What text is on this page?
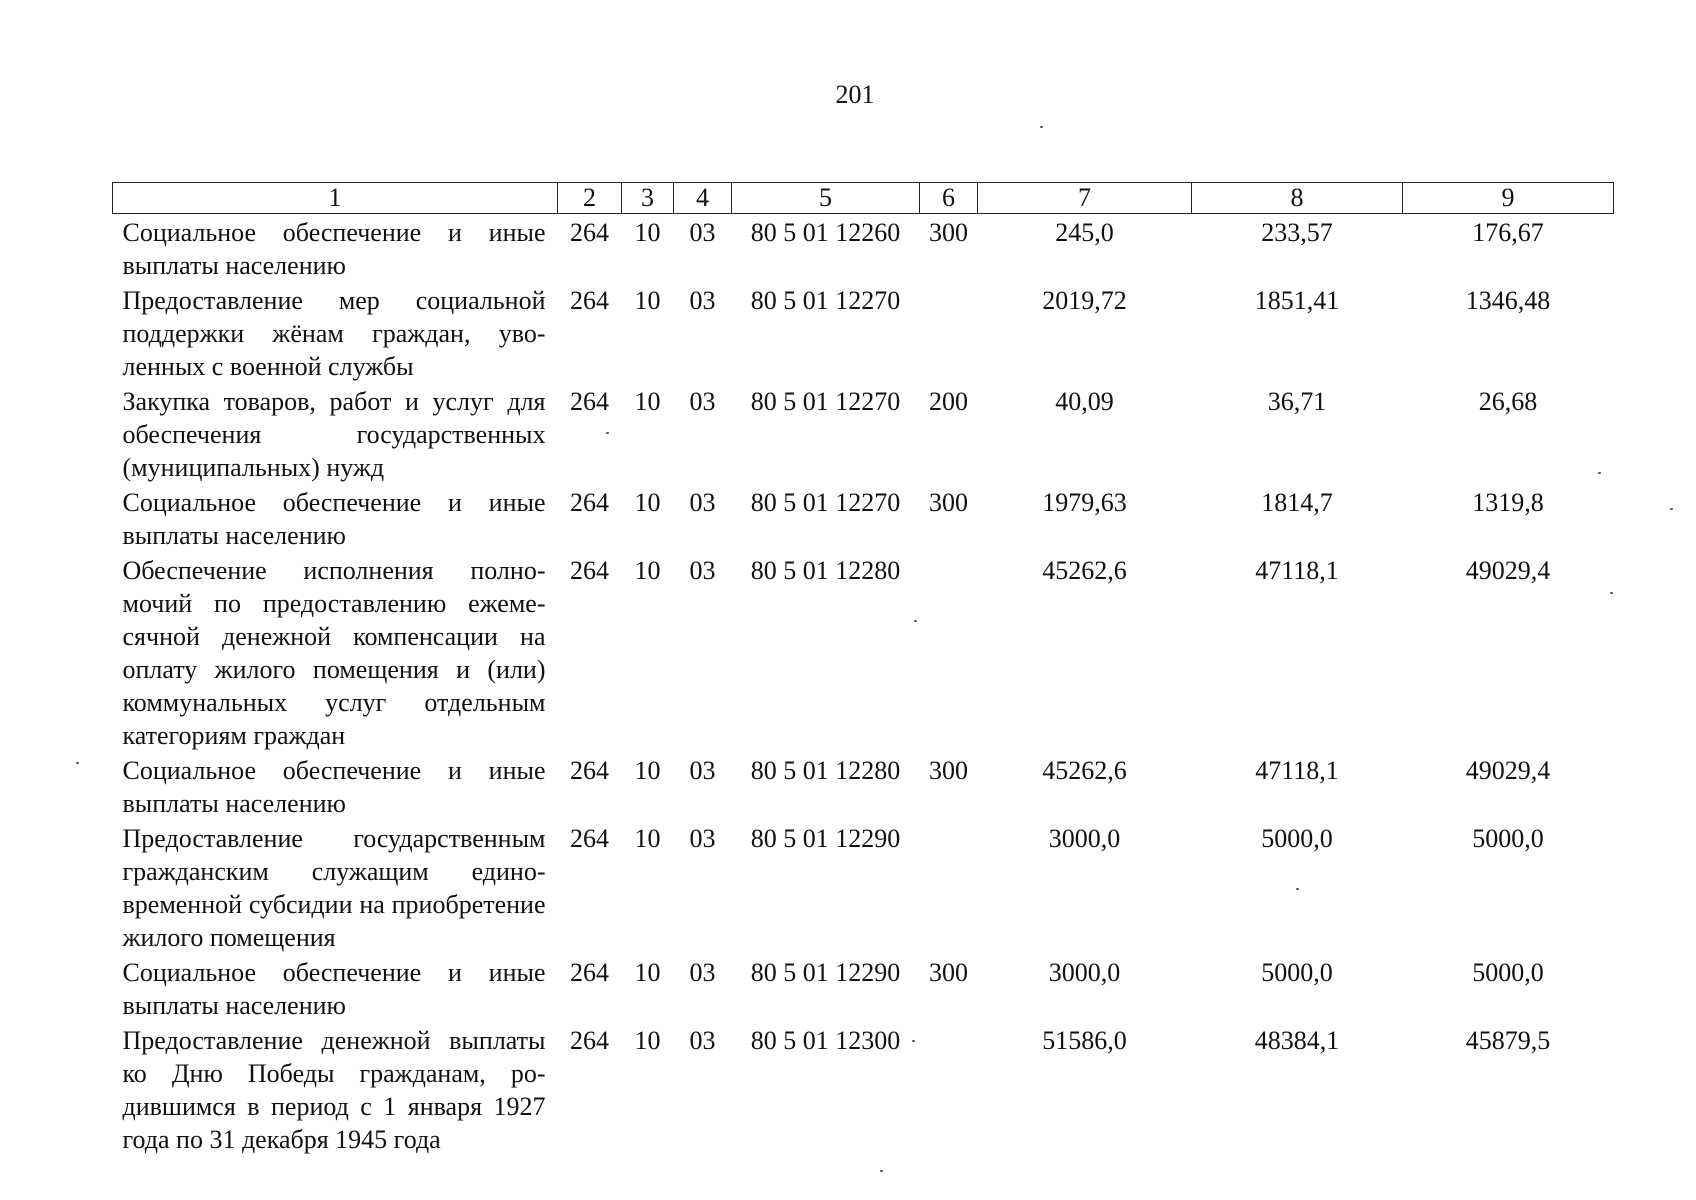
201
1	2	3	4	5	6	7	8	9
Социальное обеспечение и иные выплаты населению	264	10	03	80 5 01 12260	300	245,0	233,57	176,67
Предоставление мер социальной поддержки жёнам граждан, уволенных с военной службы	264	10	03	80 5 01 12270		2019,72	1851,41	1346,48
Закупка товаров, работ и услуг для обеспечения государственных (муниципальных) нужд	264	10	03	80 5 01 12270	200	40,09	36,71	26,68
Социальное обеспечение и иные выплаты населению	264	10	03	80 5 01 12270	300	1979,63	1814,7	1319,8
Обеспечение исполнения полномочий по предоставлению ежемесячной денежной компенсации на оплату жилого помещения и (или) коммунальных услуг отдельным категориям граждан	264	10	03	80 5 01 12280		45262,6	47118,1	49029,4
Социальное обеспечение и иные выплаты населению	264	10	03	80 5 01 12280	300	45262,6	47118,1	49029,4
Предоставление государственным гражданским служащим единовременной субсидии на приобретение жилого помещения	264	10	03	80 5 01 12290		3000,0	5000,0	5000,0
Социальное обеспечение и иные выплаты населению	264	10	03	80 5 01 12290	300	3000,0	5000,0	5000,0
Предоставление денежной выплаты ко Дню Победы гражданам, родившимся в период с 1 января 1927 года по 31 декабря 1945 года	264	10	03	80 5 01 12300		51586,0	48384,1	45879,5
